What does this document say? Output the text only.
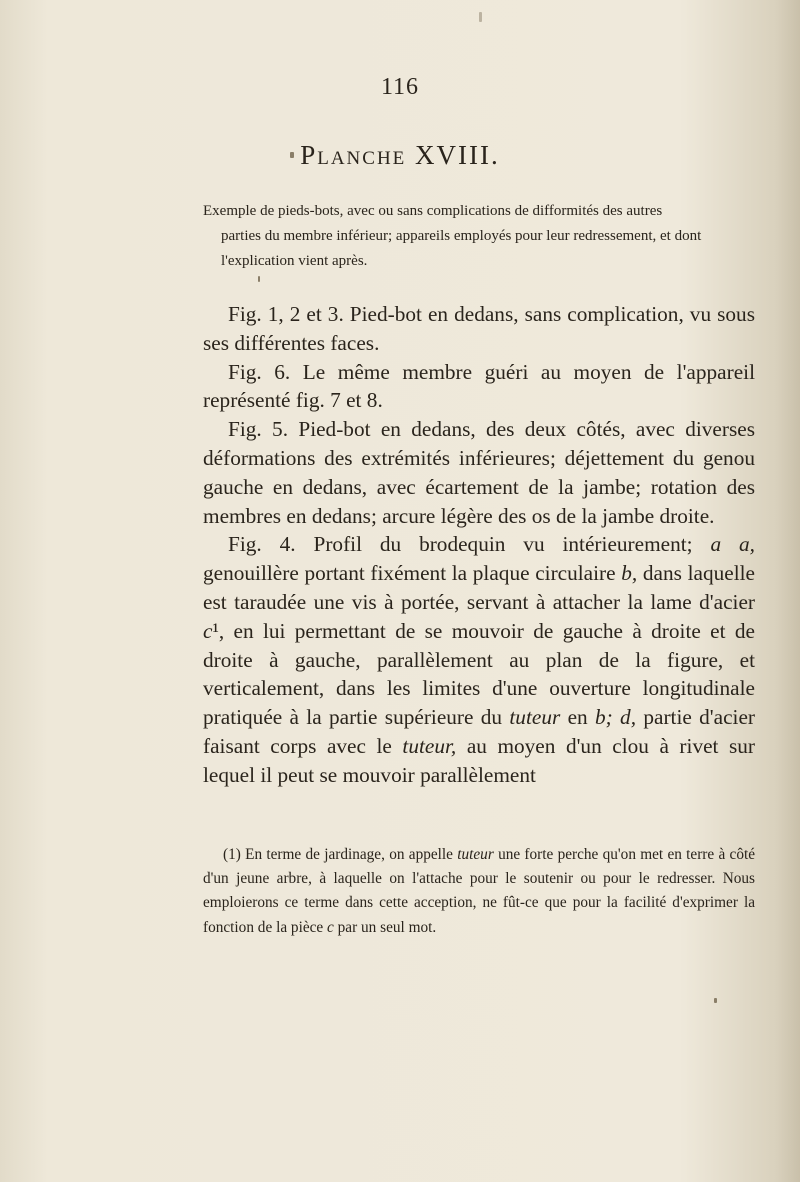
116
Planche XVIII.
Exemple de pieds-bots, avec ou sans complications de difformités des autres
parties du membre inférieur; appareils employés pour leur redressement, et dont l'explication vient après.

Fig. 1, 2 et 3. Pied-bot en dedans, sans complication, vu sous ses différentes faces.

Fig. 6. Le même membre guéri au moyen de l'appareil représenté fig. 7 et 8.

Fig. 5. Pied-bot en dedans, des deux côtés, avec diverses déformations des extrémités inférieures; déjettement du genou gauche en dedans, avec écartement de la jambe; rotation des membres en dedans; arcure légère des os de la jambe droite.

Fig. 4. Profil du brodequin vu intérieurement; a a, genouillère portant fixément la plaque circulaire b, dans laquelle est taraudée une vis à portée, servant à attacher la lame d'acier c¹, en lui permettant de se mouvoir de gauche à droite et de droite à gauche, parallèlement au plan de la figure, et verticalement, dans les limites d'une ouverture longitudinale pratiquée à la partie supérieure du tuteur en b; d, partie d'acier faisant corps avec le tuteur, au moyen d'un clou à rivet sur lequel il peut se mouvoir parallèlement

(1) En terme de jardinage, on appelle tuteur une forte perche qu'on met en terre à côté d'un jeune arbre, à laquelle on l'attache pour le soutenir ou pour le redresser. Nous emploierons ce terme dans cette acception, ne fût-ce que pour la facilité d'exprimer la fonction de la pièce c par un seul mot.
